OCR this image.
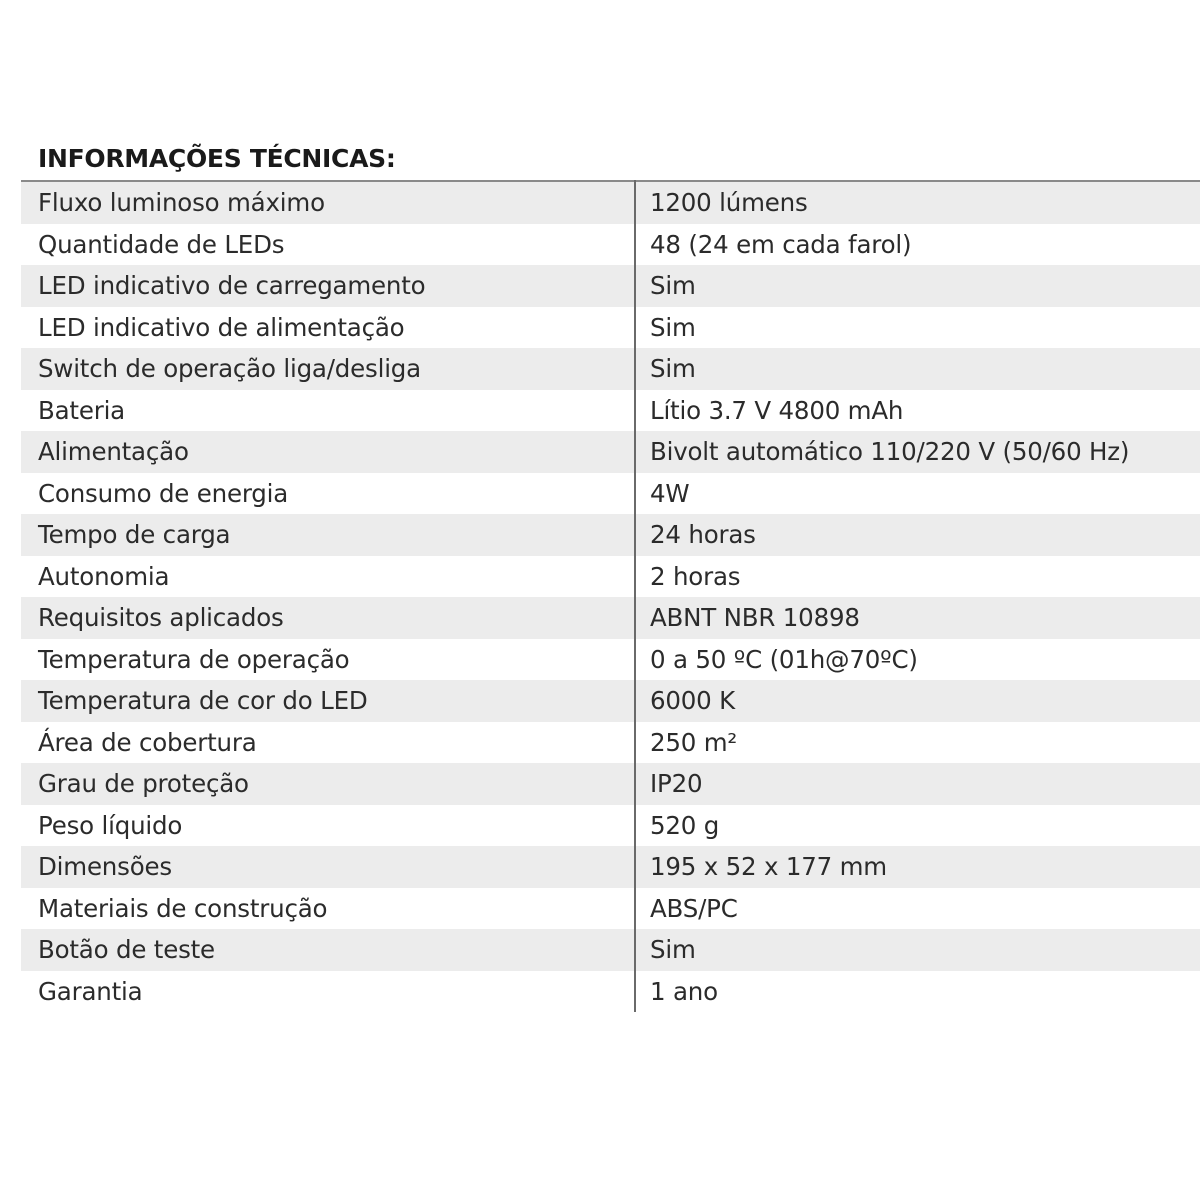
INFORMAÇÕES TÉCNICAS:
Fluxo luminoso máximo	1200 lúmens
Quantidade de LEDs	48 (24 em cada farol)
LED indicativo de carregamento	Sim
LED indicativo de alimentação	Sim
Switch de operação liga/desliga	Sim
Bateria	Lítio 3.7 V 4800 mAh
Alimentação	Bivolt automático 110/220 V (50/60 Hz)
Consumo de energia	4W
Tempo de carga	24 horas
Autonomia	2 horas
Requisitos aplicados	ABNT NBR 10898
Temperatura de operação	0 a 50 ºC (01h@70ºC)
Temperatura de cor do LED	6000 K
Área de cobertura	250 m²
Grau de proteção	IP20
Peso líquido	520 g
Dimensões	195 x 52 x 177 mm
Materiais de construção	ABS/PC
Botão de teste	Sim
Garantia	1 ano
